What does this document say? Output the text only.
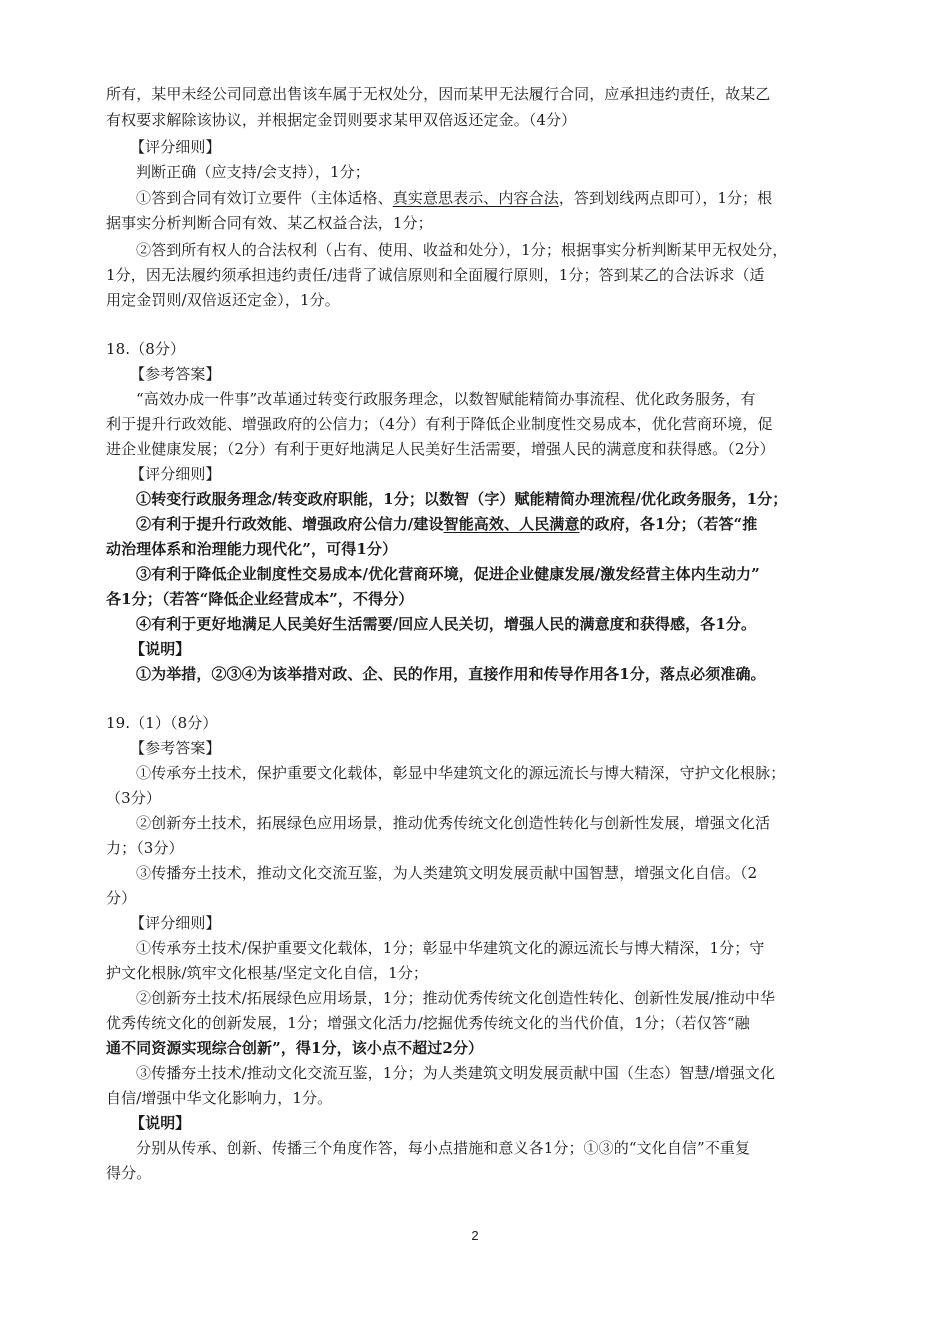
所有，某甲未经公司同意出售该车属于无权处分，因而某甲无法履行合同，应承担违约责任，故某乙
有权要求解除该协议，并根据定金罚则要求某甲双倍返还定金。（4分）
【评分细则】
判断正确（应支持/会支持），1分；
①答到合同有效订立要件（主体适格、真实意思表示、内容合法，答到划线两点即可），1分；根
据事实分析判断合同有效、某乙权益合法，1分；
②答到所有权人的合法权利（占有、使用、收益和处分），1分；根据事实分析判断某甲无权处分，
1分，因无法履约须承担违约责任/违背了诚信原则和全面履行原则，1分；答到某乙的合法诉求（适
用定金罚则/双倍返还定金），1分。
18.（8分）
【参考答案】
“高效办成一件事”改革通过转变行政服务理念，以数智赋能精简办事流程、优化政务服务，有
利于提升行政效能、增强政府的公信力；（4分）有利于降低企业制度性交易成本，优化营商环境，促
进企业健康发展；（2分）有利于更好地满足人民美好生活需要，增强人民的满意度和获得感。（2分）
【评分细则】
①转变行政服务理念/转变政府职能，1分；以数智（字）赋能精简办理流程/优化政务服务，1分；
②有利于提升行政效能、增强政府公信力/建设智能高效、人民满意的政府，各1分；（若答“推
动治理体系和治理能力现代化”，可得1分）
③有利于降低企业制度性交易成本/优化营商环境，促进企业健康发展/激发经营主体内生动力”
各1分；（若答“降低企业经营成本”，不得分）
④有利于更好地满足人民美好生活需要/回应人民关切，增强人民的满意度和获得感，各1分。
【说明】
①为举措，②③④为该举措对政、企、民的作用，直接作用和传导作用各1分，落点必须准确。
19.（1）（8分）
【参考答案】
①传承夯土技术，保护重要文化载体，彰显中华建筑文化的源远流长与博大精深，守护文化根脉；
（3分）
②创新夯土技术，拓展绿色应用场景，推动优秀传统文化创造性转化与创新性发展，增强文化活
力；（3分）
③传播夯土技术，推动文化交流互鉴，为人类建筑文明发展贡献中国智慧，增强文化自信。（2
分）
【评分细则】
①传承夯土技术/保护重要文化载体，1分；彰显中华建筑文化的源远流长与博大精深，1分；守
护文化根脉/筑牢文化根基/坚定文化自信，1分；
②创新夯土技术/拓展绿色应用场景，1分；推动优秀传统文化创造性转化、创新性发展/推动中华
优秀传统文化的创新发展，1分；增强文化活力/挖掘优秀传统文化的当代价值，1分；（若仅答“融
通不同资源实现综合创新”，得1分，该小点不超过2分）
③传播夯土技术/推动文化交流互鉴，1分；为人类建筑文明发展贡献中国（生态）智慧/增强文化
自信/增强中华文化影响力，1分。
【说明】
分别从传承、创新、传播三个角度作答，每小点措施和意义各1分；①③的“文化自信”不重复
得分。
2
